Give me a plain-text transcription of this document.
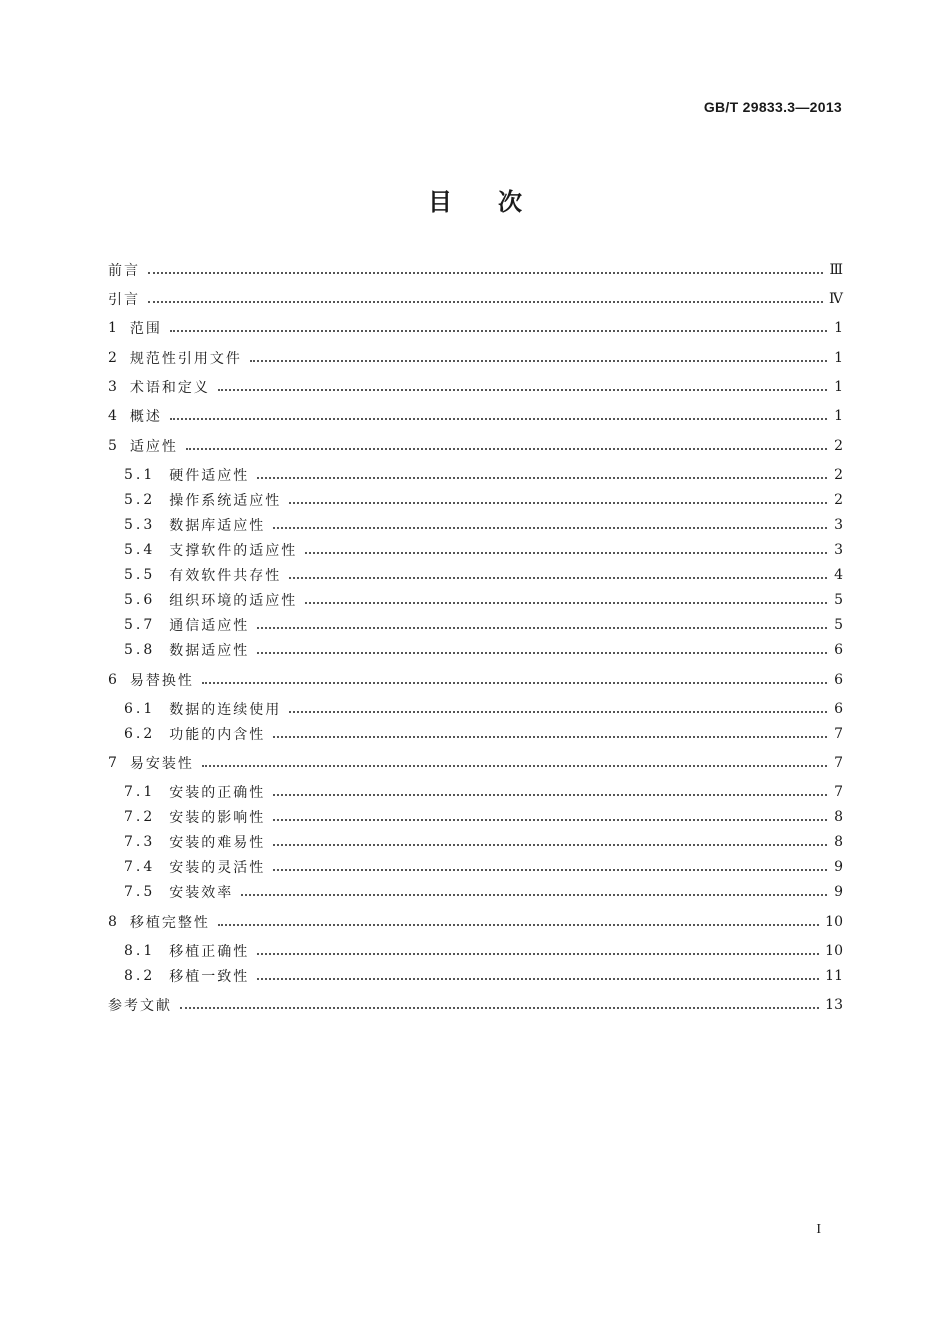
GB/T 29833.3—2013
目次
前言	Ⅲ
引言	Ⅳ
1 范围	1
2 规范性引用文件	1
3 术语和定义	1
4 概述	1
5 适应性	2
5.1 硬件适应性	2
5.2 操作系统适应性	2
5.3 数据库适应性	3
5.4 支撑软件的适应性	3
5.5 有效软件共存性	4
5.6 组织环境的适应性	5
5.7 通信适应性	5
5.8 数据适应性	6
6 易替换性	6
6.1 数据的连续使用	6
6.2 功能的内含性	7
7 易安装性	7
7.1 安装的正确性	7
7.2 安装的影响性	8
7.3 安装的难易性	8
7.4 安装的灵活性	9
7.5 安装效率	9
8 移植完整性	10
8.1 移植正确性	10
8.2 移植一致性	11
参考文献	13
I
